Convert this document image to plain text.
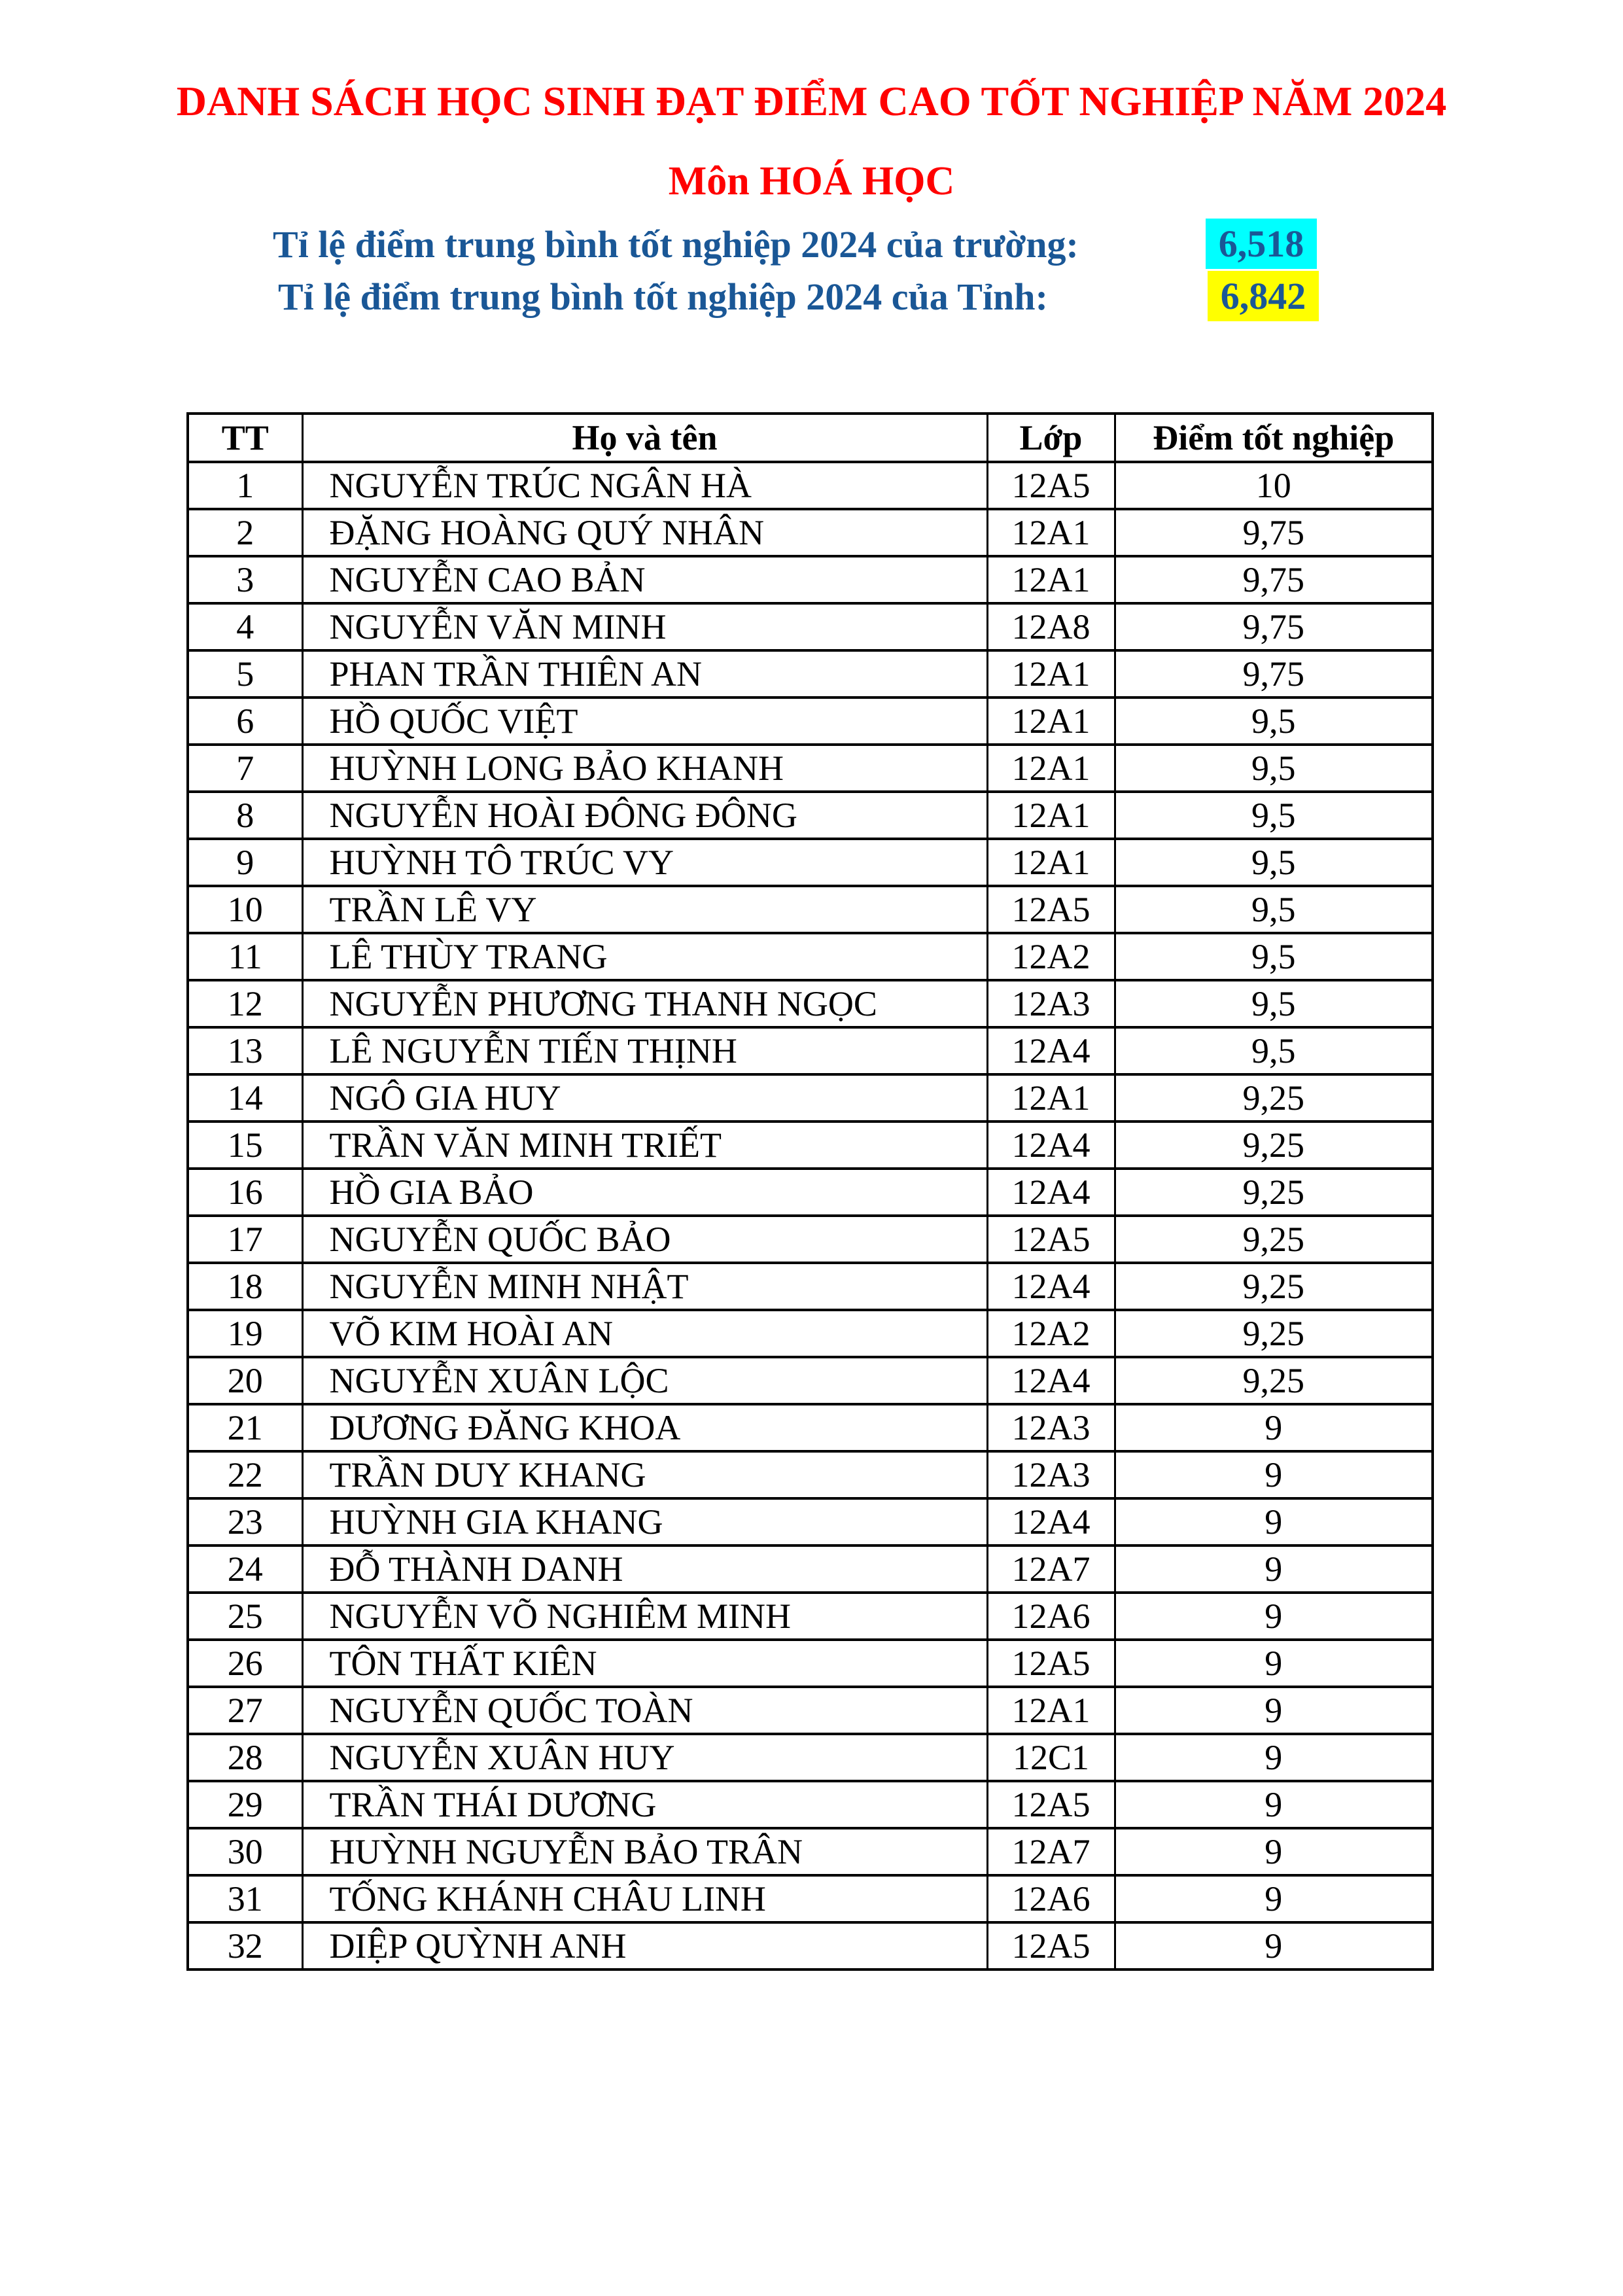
DANH SÁCH HỌC SINH ĐẠT ĐIỂM CAO TỐT NGHIỆP NĂM 2024
Môn HOÁ HỌC
Tỉ lệ điểm trung bình tốt nghiệp 2024 của trường:	6,518
Tỉ lệ điểm trung bình tốt nghiệp 2024 của Tỉnh:	6,842
TT	Họ và tên	Lớp	Điểm tốt nghiệp
1	NGUYỄN TRÚC NGÂN HÀ	12A5	10
2	ĐẶNG HOÀNG QUÝ NHÂN	12A1	9,75
3	NGUYỄN CAO BẢN	12A1	9,75
4	NGUYỄN VĂN MINH	12A8	9,75
5	PHAN TRẦN THIÊN AN	12A1	9,75
6	HỒ QUỐC VIỆT	12A1	9,5
7	HUỲNH LONG BẢO KHANH	12A1	9,5
8	NGUYỄN HOÀI ĐÔNG ĐÔNG	12A1	9,5
9	HUỲNH TÔ TRÚC VY	12A1	9,5
10	TRẦN LÊ VY	12A5	9,5
11	LÊ THÙY TRANG	12A2	9,5
12	NGUYỄN PHƯƠNG THANH NGỌC	12A3	9,5
13	LÊ NGUYỄN TIẾN THỊNH	12A4	9,5
14	NGÔ GIA HUY	12A1	9,25
15	TRẦN VĂN MINH TRIẾT	12A4	9,25
16	HỒ GIA BẢO	12A4	9,25
17	NGUYỄN QUỐC BẢO	12A5	9,25
18	NGUYỄN MINH NHẬT	12A4	9,25
19	VÕ KIM HOÀI AN	12A2	9,25
20	NGUYỄN XUÂN LỘC	12A4	9,25
21	DƯƠNG ĐĂNG KHOA	12A3	9
22	TRẦN DUY KHANG	12A3	9
23	HUỲNH GIA KHANG	12A4	9
24	ĐỖ THÀNH DANH	12A7	9
25	NGUYỄN VÕ NGHIÊM MINH	12A6	9
26	TÔN THẤT KIÊN	12A5	9
27	NGUYỄN QUỐC TOÀN	12A1	9
28	NGUYỄN XUÂN HUY	12C1	9
29	TRẦN THÁI DƯƠNG	12A5	9
30	HUỲNH NGUYỄN BẢO TRÂN	12A7	9
31	TỐNG KHÁNH CHÂU LINH	12A6	9
32	DIỆP QUỲNH ANH	12A5	9
